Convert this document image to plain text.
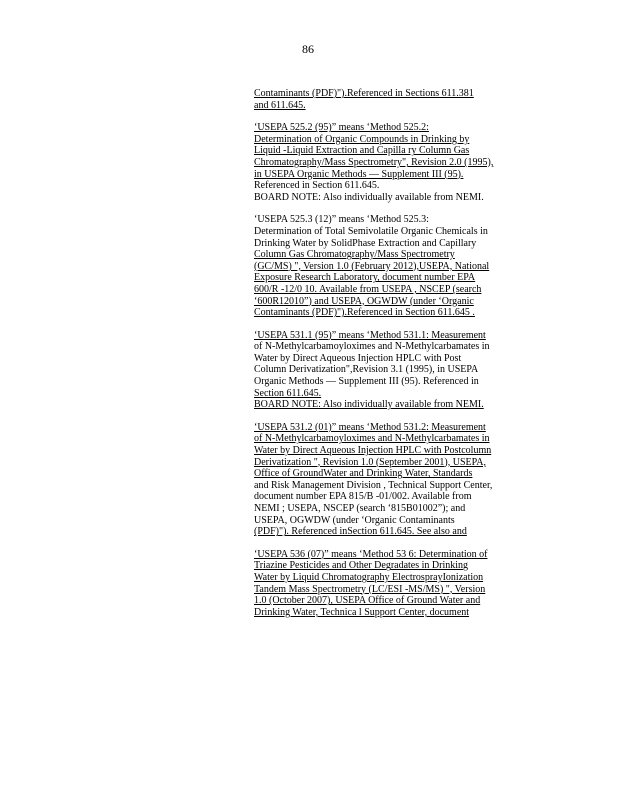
86
Contaminants (PDF)").Referenced in Sections 611.381
and 611.645.
‘USEPA 525.2 (95)” means ‘Method 525.2:
Determination of Organic Compounds in Drinking by
Liquid -Liquid Extraction and Capilla ry Column Gas
Chromatography/Mass Spectrometry", Revision 2.0 (1995),
in USEPA Organic Methods — Supplement III (95).
Referenced in Section 611.645.
BOARD NOTE: Also individually available from NEMI.
‘USEPA 525.3 (12)” means ‘Method 525.3:
Determination of Total Semivolatile Organic Chemicals in
Drinking Water by SolidPhase Extraction and Capillary
Column Gas Chromatography/Mass Spectrometry
(GC/MS) ", Version 1.0 (February 2012),USEPA, National
Exposure Research Laboratory, document number EPA
600/R -12/0 10. Available from USEPA , NSCEP (search
‘600R12010”) and USEPA, OGWDW (under ‘Organic
Contaminants (PDF)").Referenced in Section 611.645 .
‘USEPA 531.1 (95)” means ‘Method 531.1: Measurement
of N-Methylcarbamoyloximes and N-Methylcarbamates in
Water by Direct Aqueous Injection HPLC with Post
Column Derivatization",Revision 3.1 (1995), in USEPA
Organic Methods — Supplement III (95). Referenced in
Section 611.645.
BOARD NOTE: Also individually available from NEMI.
‘USEPA 531.2 (01)” means ‘Method 531.2: Measurement
of N-Methylcarbamoyloximes and N-Methylcarbamates in
Water by Direct Aqueous Injection HPLC with Postcolumn
Derivatization ", Revision 1.0 (September 2001), USEPA,
Office of GroundWater and Drinking Water, Standards
and Risk Management Division , Technical Support Center,
document number EPA 815/B -01/002. Available from
NEMI ; USEPA, NSCEP (search ‘815B01002”); and
USEPA, OGWDW (under ‘Organic Contaminants
(PDF)"). Referenced inSection 611.645. See also and
‘USEPA 536 (07)” means ‘Method 53 6: Determination of
Triazine Pesticides and Other Degradates in Drinking
Water by Liquid Chromatography ElectrosprayIonization
Tandem Mass Spectrometry (LC/ESI -MS/MS) ", Version
1.0 (October 2007), USEPA Office of Ground Water and
Drinking Water, Technica l Support Center, document
